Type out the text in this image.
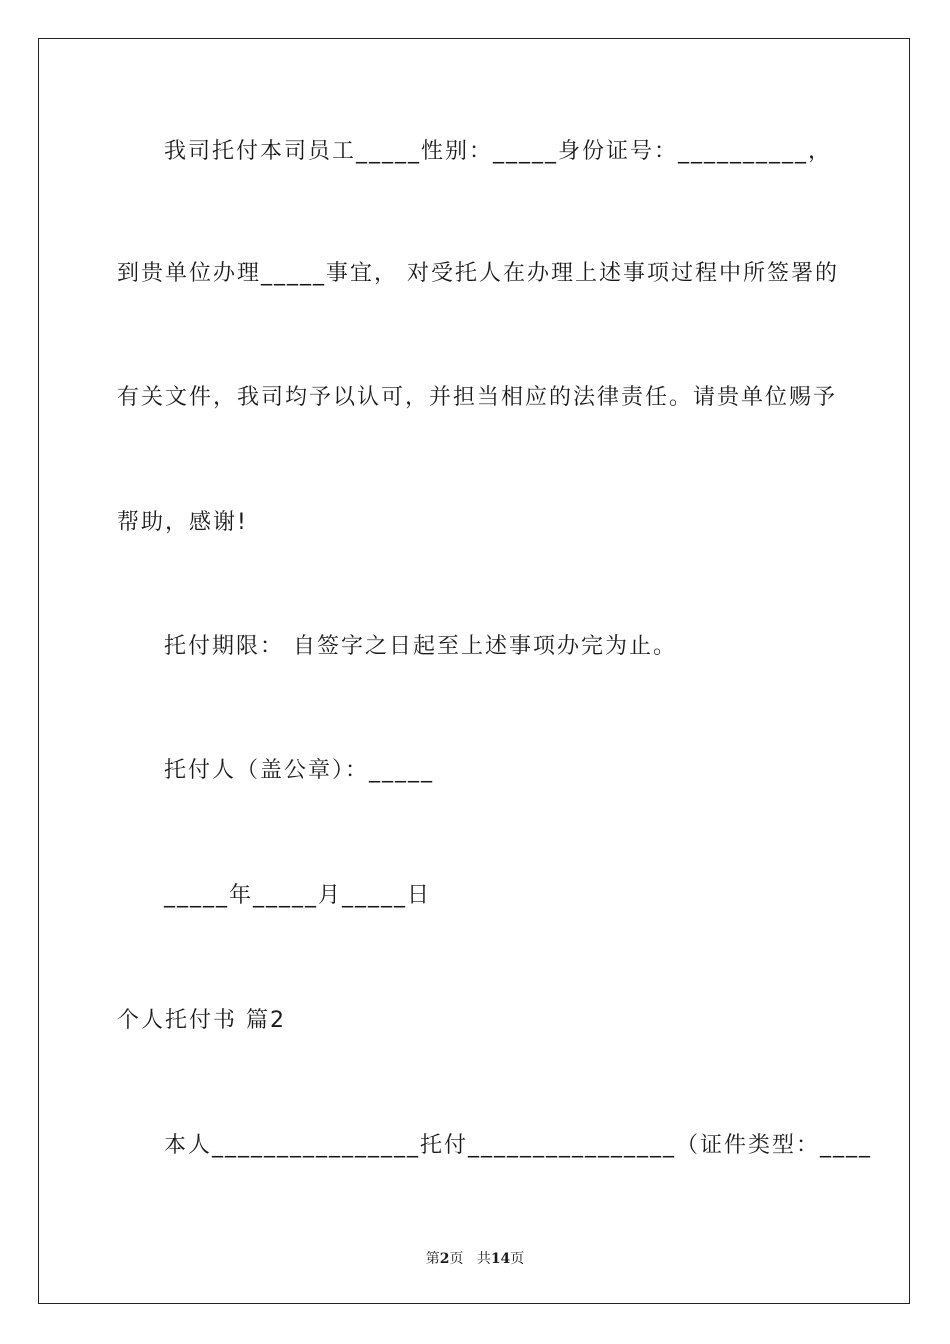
我司托付本司员工_____性别：_____身份证号：__________，
到贵单位办理_____事宜， 对受托人在办理上述事项过程中所签署的
有关文件，我司均予以认可，并担当相应的法律责任。请贵单位赐予
帮助，感谢!
托付期限： 自签字之日起至上述事项办完为止。
托付人（盖公章）：_____
_____年_____月_____日
个人托付书 篇2
本人________________托付________________（证件类型：____
第2页 共14页
